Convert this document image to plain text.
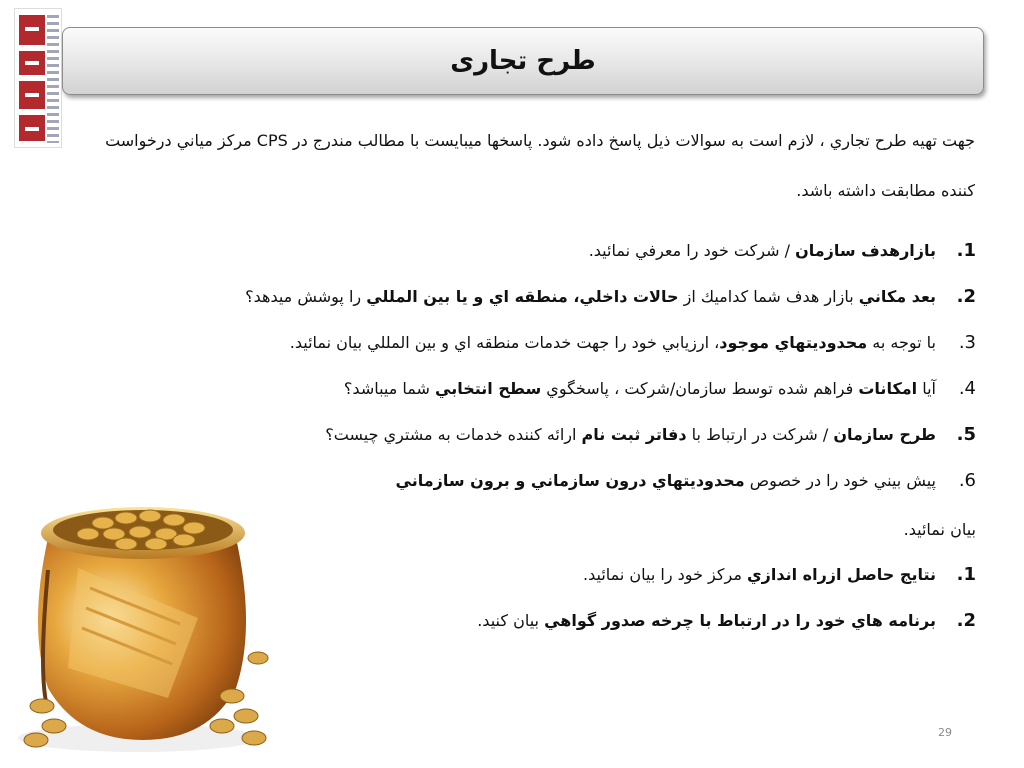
طرح تجاری

جهت تهيه طرح تجاري ، لازم است به سوالات ذيل پاسخ داده شود. پاسخها ميبايست با مطالب مندرج در CPS مركز مياني درخواست كننده مطابقت داشته باشد.

1.بازارهدف سازمان / شركت خود را معرفي نمائيد.
2.بعد مكاني بازار هدف شما كداميك از حالات داخلي، منطقه اي و يا بين المللي را پوشش ميدهد؟
3.با توجه به محدوديتهاي موجود، ارزيابي خود را جهت خدمات منطقه اي و بين المللي بيان نمائيد.
4.آيا امكانات فراهم شده توسط سازمان/شركت ، پاسخگوي سطح انتخابي شما ميباشد؟
5.طرح سازمان / شركت در ارتباط با دفاتر ثبت نام ارائه كننده خدمات به مشتري چيست؟
6.پيش بيني خود را در خصوص محدوديتهاي درون سازماني و برون سازماني
بيان نمائيد.
1.نتايج حاصل ازراه اندازي مركز خود را بيان نمائيد.
2.برنامه هاي خود را در ارتباط با چرخه صدور گواهي بيان كنيد.
29
